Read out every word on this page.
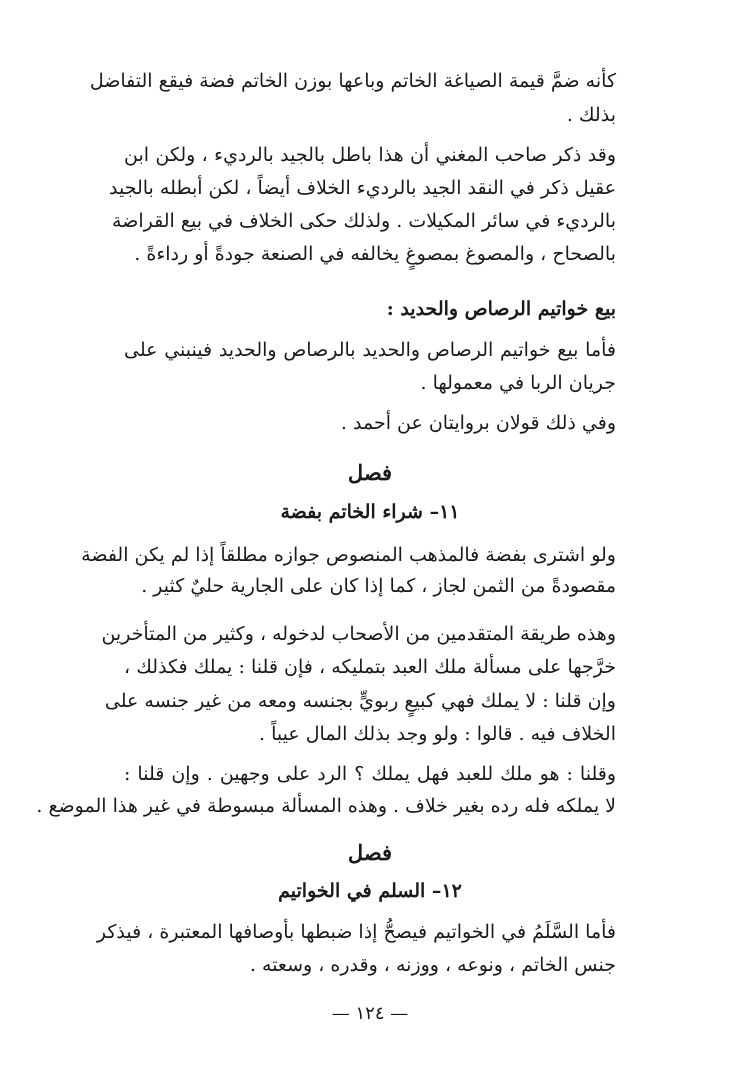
كأنه ضمَّ قيمة الصياغة الخاتم وباعها بوزن الخاتم فضة فيقع التفاضل
بذلك .
وقد ذكر صاحب المغني أن هذا باطل بالجيد بالرديء ، ولكن ابن
عقيل ذكر في النقد الجيد بالرديء الخلاف أيضاً ، لكن أبطله بالجيد
بالرديء في سائر المكيلات . ولذلك حكى الخلاف في بيع القراضة
بالصحاح ، والمصوغ بمصوغٍ يخالفه في الصنعة جودةً أو رداءةً .
بيع خواتيم الرصاص والحديد :
فأما بيع خواتيم الرصاص والحديد بالرصاص والحديد فينبني على
جريان الربا في معمولها .
وفي ذلك قولان بروايتان عن أحمد .
فصل
١١– شراء الخاتم بفضة
ولو اشترى بفضة فالمذهب المنصوص جوازه مطلقاً إذا لم يكن الفضة
مقصودةً من الثمن لجاز ، كما إذا كان على الجارية حليٌ كثير .
وهذه طريقة المتقدمين من الأصحاب لدخوله ، وكثير من المتأخرين
خرَّجها على مسألة ملك العبد بتمليكه ، فإن قلنا : يملك فكذلك ،
وإن قلنا : لا يملك فهي كبيعٍ ربويٍّ بجنسه ومعه من غير جنسه على
الخلاف فيه . قالوا : ولو وجد بذلك المال عيباً .
وقلنا : هو ملك للعبد فهل يملك ؟ الرد على وجهين . وإن قلنا :
لا يملكه فله رده بغير خلاف . وهذه المسألة مبسوطة في غير هذا الموضع .
فصل
١٢– السلم في الخواتيم
فأما السَّلَمُ في الخواتيم فيصحُّ إذا ضبطها بأوصافها المعتبرة ، فيذكر
جنس الخاتم ، ونوعه ، ووزنه ، وقدره ، وسعته .
— ١٢٤ —
